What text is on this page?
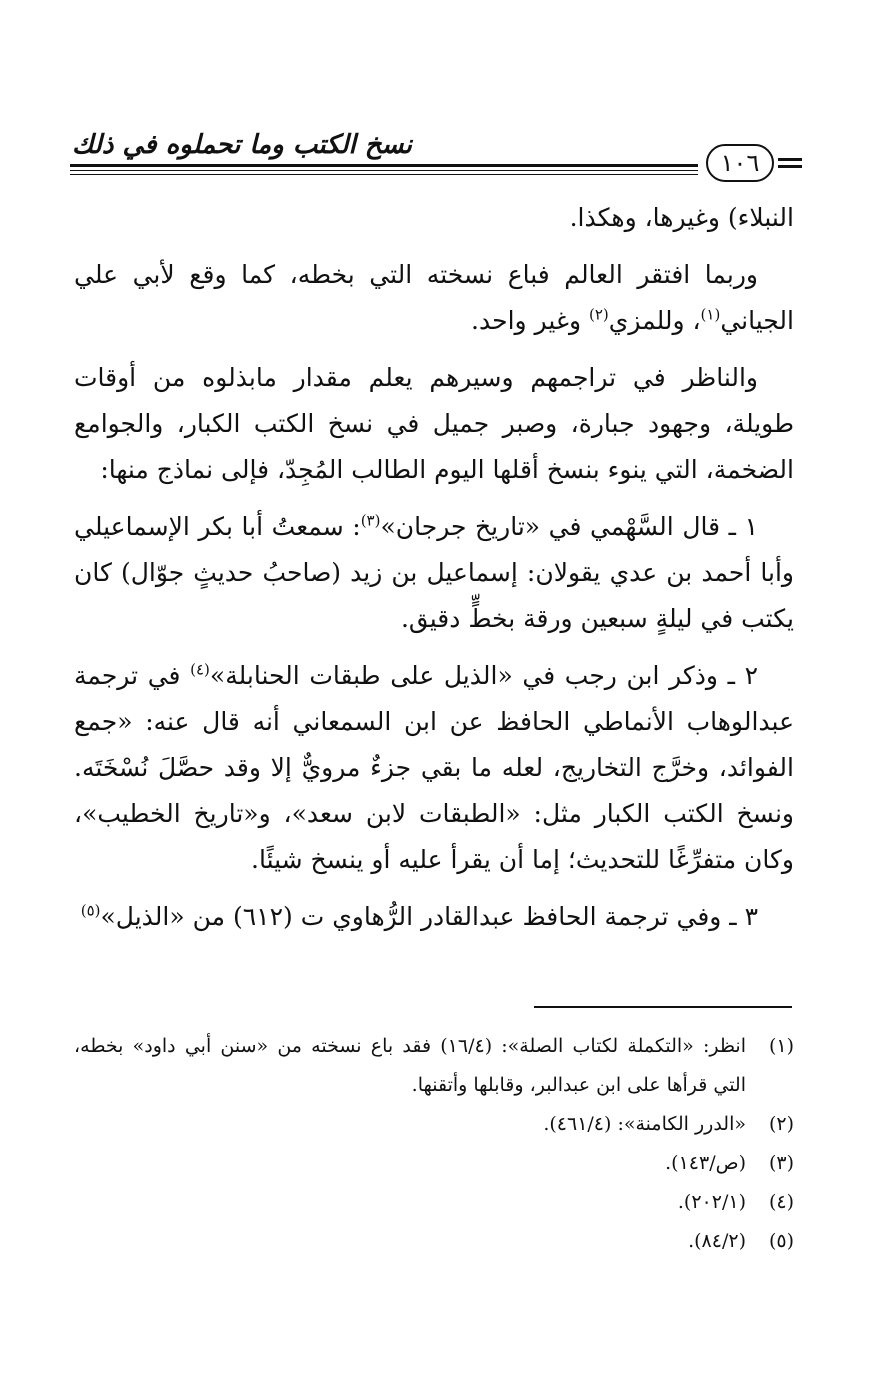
نسخ الكتب وما تحملوه في ذلك
١٠٦

النبلاء) وغيرها، وهكذا.

وربما افتقر العالم فباع نسخته التي بخطه، كما وقع لأبي علي الجياني$^{(١)}$، وللمزي$^{(٢)}$ وغير واحد.

والناظر في تراجمهم وسيرهم يعلم مقدار مابذلوه من أوقات طويلة، وجهود جبارة، وصبر جميل في نسخ الكتب الكبار، والجوامع الضخمة، التي ينوء بنسخ أقلها اليوم الطالب المُجِدّ، فإلى نماذج منها:

١ ـ قال السَّهْمي في «تاريخ جرجان»$^{(٣)}$: سمعتُ أبا بكر الإسماعيلي وأبا أحمد بن عدي يقولان: إسماعيل بن زيد (صاحبُ حديثٍ جوّال) كان يكتب في ليلةٍ سبعين ورقة بخطٍّ دقيق.

٢ ـ وذكر ابن رجب في «الذيل على طبقات الحنابلة»$^{(٤)}$ في ترجمة عبدالوهاب الأنماطي الحافظ عن ابن السمعاني أنه قال عنه: «جمع الفوائد، وخرَّج التخاريج، لعله ما بقي جزءٌ مرويٌّ إلا وقد حصَّلَ نُسْخَتَه. ونسخ الكتب الكبار مثل: «الطبقات لابن سعد»، و«تاريخ الخطيب»، وكان متفرِّغًا للتحديث؛ إما أن يقرأ عليه أو ينسخ شيئًا.

٣ ـ وفي ترجمة الحافظ عبدالقادر الرُّهاوي ت (٦١٢) من «الذيل»$^{(٥)}$

(١)
انظر: «التكملة لكتاب الصلة»: (١٦/٤) فقد باع نسخته من «سنن أبي داود» بخطه، التي قرأها على ابن عبدالبر، وقابلها وأتقنها.
(٢)
«الدرر الكامنة»: (٤٦١/٤).
(٣)
(ص/١٤٣).
(٤)
(٢٠٢/١).
(٥)
(٨٤/٢).
